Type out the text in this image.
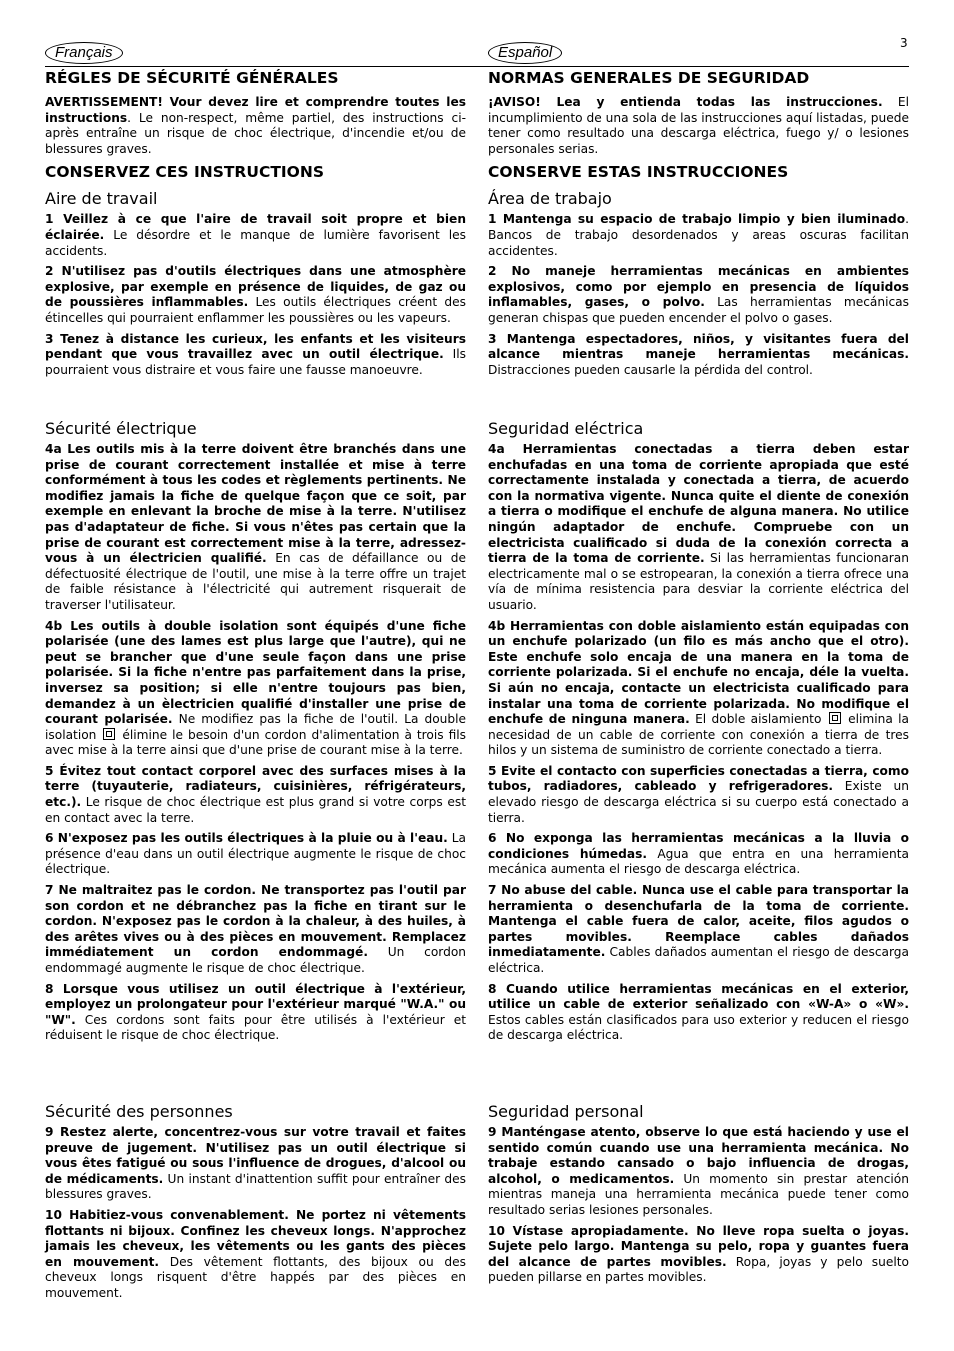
3
Français	Español
RÉGLES DE SÉCURITÉ GÉNÉRALES

AVERTISSEMENT! Vour devez lire et comprendre toutes les instructions. Le non-respect, même partiel, des instructions ci-après entraîne un risque de choc électrique, d'incendie et/ou de blessures graves.

CONSERVEZ CES INSTRUCTIONS
Aire de travail

1 Veillez à ce que l'aire de travail soit propre et bien éclairée. Le désordre et le manque de lumière favorisent les accidents.

2 N'utilisez pas d'outils électriques dans une atmosphère explosive, par exemple en présence de liquides, de gaz ou de poussières inflammables. Les outils électriques créent des étincelles qui pourraient enflammer les poussières ou les vapeurs.

3 Tenez à distance les curieux, les enfants et les visiteurs pendant que vous travaillez avec un outil électrique. Ils pourraient vous distraire et vous faire une fausse manoeuvre.

Sécurité électrique

4a Les outils mis à la terre doivent être branchés dans une prise de courant correctement installée et mise à terre conformément à tous les codes et règlements pertinents. Ne modifiez jamais la fiche de quelque façon que ce soit, par exemple en enlevant la broche de mise à la terre. N'utilisez pas d'adaptateur de fiche. Si vous n'êtes pas certain que la prise de courant est correctement mise à la terre, adressez-vous à un électricien qualifié. En cas de défaillance ou de défectuosité électrique de l'outil, une mise à la terre offre un trajet de faible résistance à l'électricité qui autrement risquerait de traverser l'utilisateur.

4b Les outils à double isolation sont équipés d'une fiche polarisée (une des lames est plus large que l'autre), qui ne peut se brancher que d'une seule façon dans une prise polarisée. Si la fiche n'entre pas parfaitement dans la prise, inversez sa position; si elle n'entre toujours pas bien, demandez à un èlectricien qualifié d'installer une prise de courant polarisée. Ne modifiez pas la fiche de l'outil. La double isolation  élimine le besoin d'un cordon d'alimentation à trois fils avec mise à la terre ainsi que d'une prise de courant mise à la terre.

5 Évitez tout contact corporel avec des surfaces mises à la terre (tuyauterie, radiateurs, cuisinières, réfrigérateurs, etc.). Le risque de choc électrique est plus grand si votre corps est en contact avec la terre.

6 N'exposez pas les outils électriques à la pluie ou à l'eau. La présence d'eau dans un outil électrique augmente le risque de choc électrique.

7 Ne maltraitez pas le cordon. Ne transportez pas l'outil par son cordon et ne débranchez pas la fiche en tirant sur le cordon. N'exposez pas le cordon à la chaleur, à des huiles, à des arêtes vives ou à des pièces en mouvement. Remplacez immédiatement un cordon endommagé. Un cordon endommagé augmente le risque de choc électrique.

8 Lorsque vous utilisez un outil électrique à l'extérieur, employez un prolongateur pour l'extérieur marqué "W.A." ou "W". Ces cordons sont faits pour être utilisés à l'extérieur et réduisent le risque de choc électrique.

Sécurité des personnes

9 Restez alerte, concentrez-vous sur votre travail et faites preuve de jugement. N'utilisez pas un outil électrique si vous êtes fatigué ou sous l'influence de drogues, d'alcool ou de médicaments. Un instant d'inattention suffit pour entraîner des blessures graves.

10 Habitiez-vous convenablement. Ne portez ni vêtements flottants ni bijoux. Confinez les cheveux longs. N'approchez jamais les cheveux, les vêtements ou les gants des pièces en mouvement. Des vêtement flottants, des bijoux ou des cheveux longs risquent d'être happés par des pièces en mouvement.

NORMAS GENERALES DE SEGURIDAD

¡AVISO! Lea y entienda todas las instrucciones. El incumplimiento de una sola de las instrucciones aquí listadas, puede tener como resultado una descarga eléctrica, fuego y/ o lesiones personales serias.

CONSERVE ESTAS INSTRUCCIONES
Área de trabajo

1 Mantenga su espacio de trabajo limpio y bien iluminado. Bancos de trabajo desordenados y areas oscuras facilitan accidentes.

2 No maneje herramientas mecánicas en ambientes explosivos, como por ejemplo en presencia de líquidos inflamables, gases, o polvo. Las herramientas mecánicas generan chispas que pueden encender el polvo o gases.

3 Mantenga espectadores, niños, y visitantes fuera del alcance mientras maneje herramientas mecánicas. Distracciones pueden causarle la pérdida del control.

Seguridad eléctrica

4a Herramientas conectadas a tierra deben estar enchufadas en una toma de corriente apropiada que esté correctamente instalada y conectada a tierra, de acuerdo con la normativa vigente. Nunca quite el diente de conexión a tierra o modifique el enchufe de alguna manera. No utilice ningún adaptador de enchufe. Compruebe con un electricista cualificado si duda de la conexión correcta a tierra de la toma de corriente. Si las herramientas funcionaran electricamente mal o se estropearan, la conexión a tierra ofrece una vía de mínima resistencia para desviar la corriente eléctrica del usuario.

4b Herramientas con doble aislamiento están equipadas con un enchufe polarizado (un filo es más ancho que el otro). Este enchufe solo encaja de una manera en la toma de corriente polarizada. Si el enchufe no encaja, déle la vuelta. Si aún no encaja, contacte un electricista cualificado para instalar una toma de corriente polarizada. No modifique el enchufe de ninguna manera. El doble aislamiento  elimina la necesidad de un cable de corriente con conexión a tierra de tres hilos y un sistema de suministro de corriente conectado a tierra.

5 Evite el contacto con superficies conectadas a tierra, como tubos, radiadores, cableado y refrigeradores. Existe un elevado riesgo de descarga eléctrica si su cuerpo está conectado a tierra.

6 No exponga las herramientas mecánicas a la lluvia o condiciones húmedas. Agua que entra en una herramienta mecánica aumenta el riesgo de descarga eléctrica.

7 No abuse del cable. Nunca use el cable para transportar la herramienta o desenchufarla de la toma de corriente. Mantenga el cable fuera de calor, aceite, filos agudos o partes movibles. Reemplace cables dañados inmediatamente. Cables dañados aumentan el riesgo de descarga eléctrica.

8 Cuando utilice herramientas mecánicas en el exterior, utilice un cable de exterior señalizado con «W-A» o «W». Estos cables están clasificados para uso exterior y reducen el riesgo de descarga eléctrica.

Seguridad personal

9 Manténgase atento, observe lo que está haciendo y use el sentido común cuando use una herramienta mecánica. No trabaje estando cansado o bajo influencia de drogas, alcohol, o medicamentos. Un momento sin prestar atención mientras maneja una herramienta mecánica puede tener como resultado serias lesiones personales.

10 Vístase apropiadamente. No lleve ropa suelta o joyas. Sujete pelo largo. Mantenga su pelo, ropa y guantes fuera del alcance de partes movibles. Ropa, joyas y pelo suelto pueden pillarse en partes movibles.
